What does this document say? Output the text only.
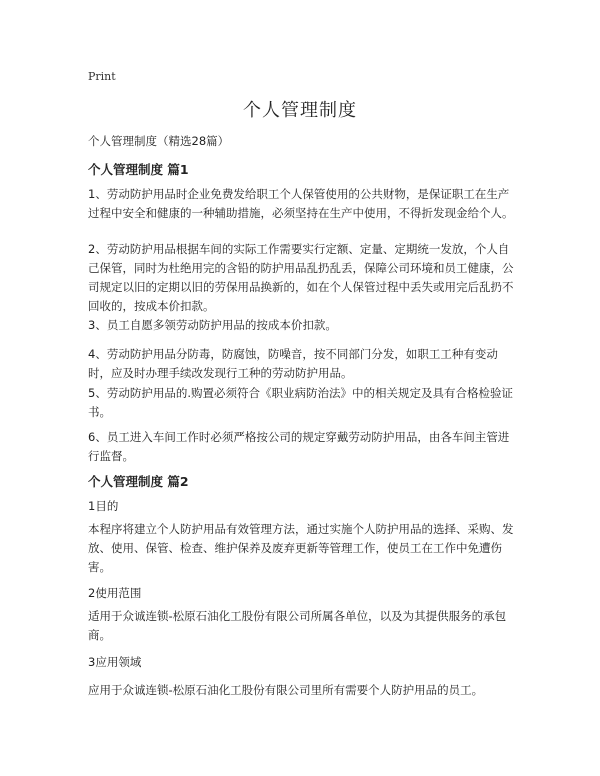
Print
个人管理制度
个人管理制度（精选28篇）
个人管理制度 篇1
1、劳动防护用品时企业免费发给职工个人保管使用的公共财物，是保证职工在生产过程中安全和健康的一种辅助措施，必须坚持在生产中使用，不得折发现金给个人。
2、劳动防护用品根据车间的实际工作需要实行定额、定量、定期统一发放，个人自己保管，同时为杜绝用完的含铅的防护用品乱扔乱丢，保障公司环境和员工健康，公司规定以旧的定期以旧的劳保用品换新的，如在个人保管过程中丢失或用完后乱扔不回收的，按成本价扣款。
3、员工自愿多领劳动防护用品的按成本价扣款。
4、劳动防护用品分防毒，防腐蚀，防噪音，按不同部门分发，如职工工种有变动时，应及时办理手续改发现行工种的劳动防护用品。
5、劳动防护用品的.购置必须符合《职业病防治法》中的相关规定及具有合格检验证书。
6、员工进入车间工作时必须严格按公司的规定穿戴劳动防护用品，由各车间主管进行监督。
个人管理制度 篇2
1目的
本程序将建立个人防护用品有效管理方法，通过实施个人防护用品的选择、采购、发放、使用、保管、检查、维护保养及废弃更新等管理工作，使员工在工作中免遭伤害。
2使用范围
适用于众诚连锁-松原石油化工股份有限公司所属各单位，以及为其提供服务的承包商。
3应用领域
应用于众诚连锁-松原石油化工股份有限公司里所有需要个人防护用品的员工。
